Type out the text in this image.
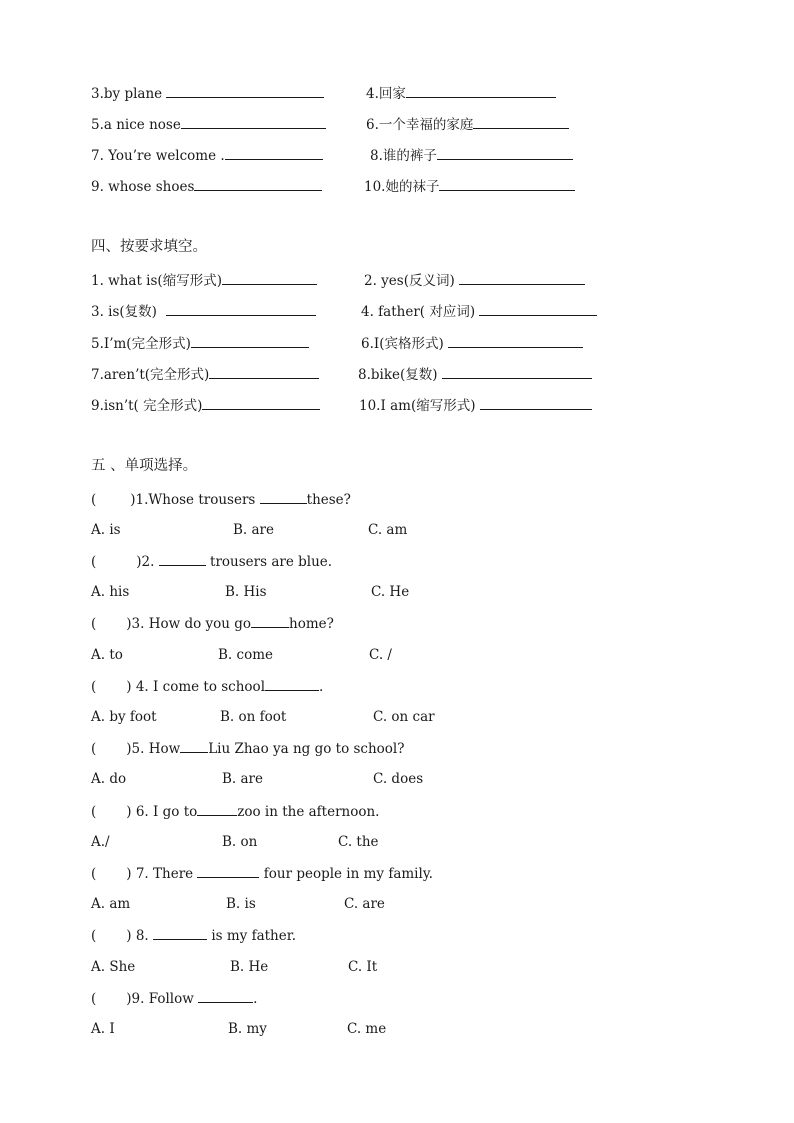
3.by plane	4.回家
5.a nice nose	6.一个幸福的家庭
7. You’re welcome .	8.谁的裤子
9. whose shoes	10.她的袜子
四、按要求填空。
1. what is(缩写形式)	2. yes(反义词)
3. is(复数)	4. father( 对应词)
5.I’m(完全形式)	6.I(宾格形式)
7.aren’t(完全形式)	8.bike(复数)
9.isn’t( 完全形式)	10.I am(缩写形式)
五 、单项选择。
(	)1.Whose trousers	these?
A. is	B. are	C. am
(	)2.	trousers are blue.
A. his	B. His	C. He
( )3. How do you go	home?
A. to	B. come	C. /
( ) 4. I come to school	.
A. by foot	B. on foot	C. on car
( )5. How Liu Zhao ya ng go to school?
A. do	B. are	C. does
( ) 6. I go to	zoo in the afternoon.
A./	B. on	C. the
( ) 7. There	four people in my family.
A. am	B. is	C. are
( ) 8.	is my father.
A. She	B. He	C. It
( )9. Follow	.
A. I	B. my	C. me
